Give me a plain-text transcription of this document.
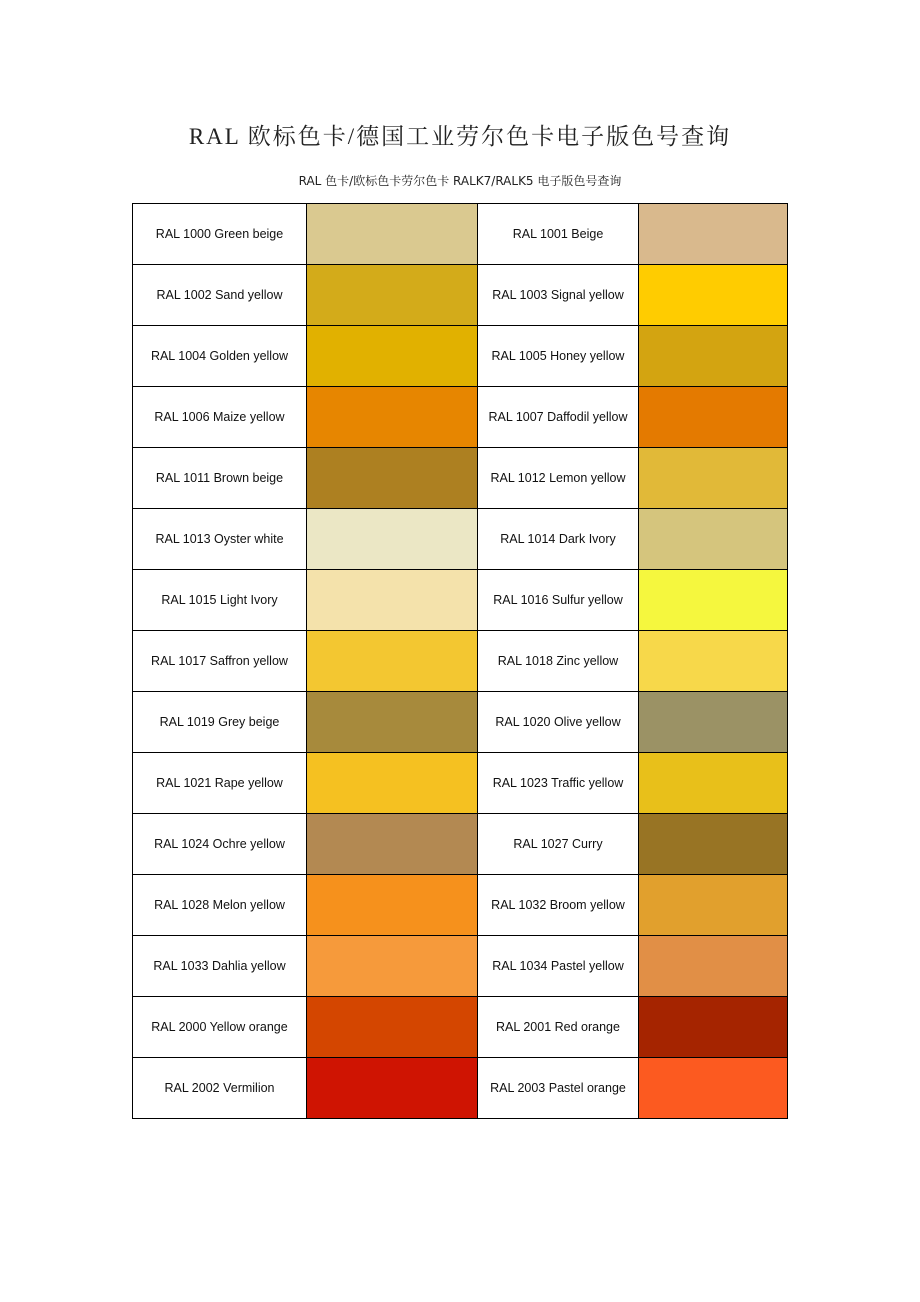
RAL 欧标色卡/德国工业劳尔色卡电子版色号查询
RAL 色卡/欧标色卡劳尔色卡 RALK7/RALK5 电子版色号查询
RAL 1000 Green beige		RAL 1001 Beige	
RAL 1002 Sand yellow		RAL 1003 Signal yellow	
RAL 1004 Golden yellow		RAL 1005 Honey yellow	
RAL 1006 Maize yellow		RAL 1007 Daffodil yellow	
RAL 1011 Brown beige		RAL 1012 Lemon yellow	
RAL 1013 Oyster white		RAL 1014 Dark Ivory	
RAL 1015 Light Ivory		RAL 1016 Sulfur yellow	
RAL 1017 Saffron yellow		RAL 1018 Zinc yellow	
RAL 1019 Grey beige		RAL 1020 Olive yellow	
RAL 1021 Rape yellow		RAL 1023 Traffic yellow	
RAL 1024 Ochre yellow		RAL 1027 Curry	
RAL 1028 Melon yellow		RAL 1032 Broom yellow	
RAL 1033 Dahlia yellow		RAL 1034 Pastel yellow	
RAL 2000 Yellow orange		RAL 2001 Red orange	
RAL 2002 Vermilion		RAL 2003 Pastel orange	
